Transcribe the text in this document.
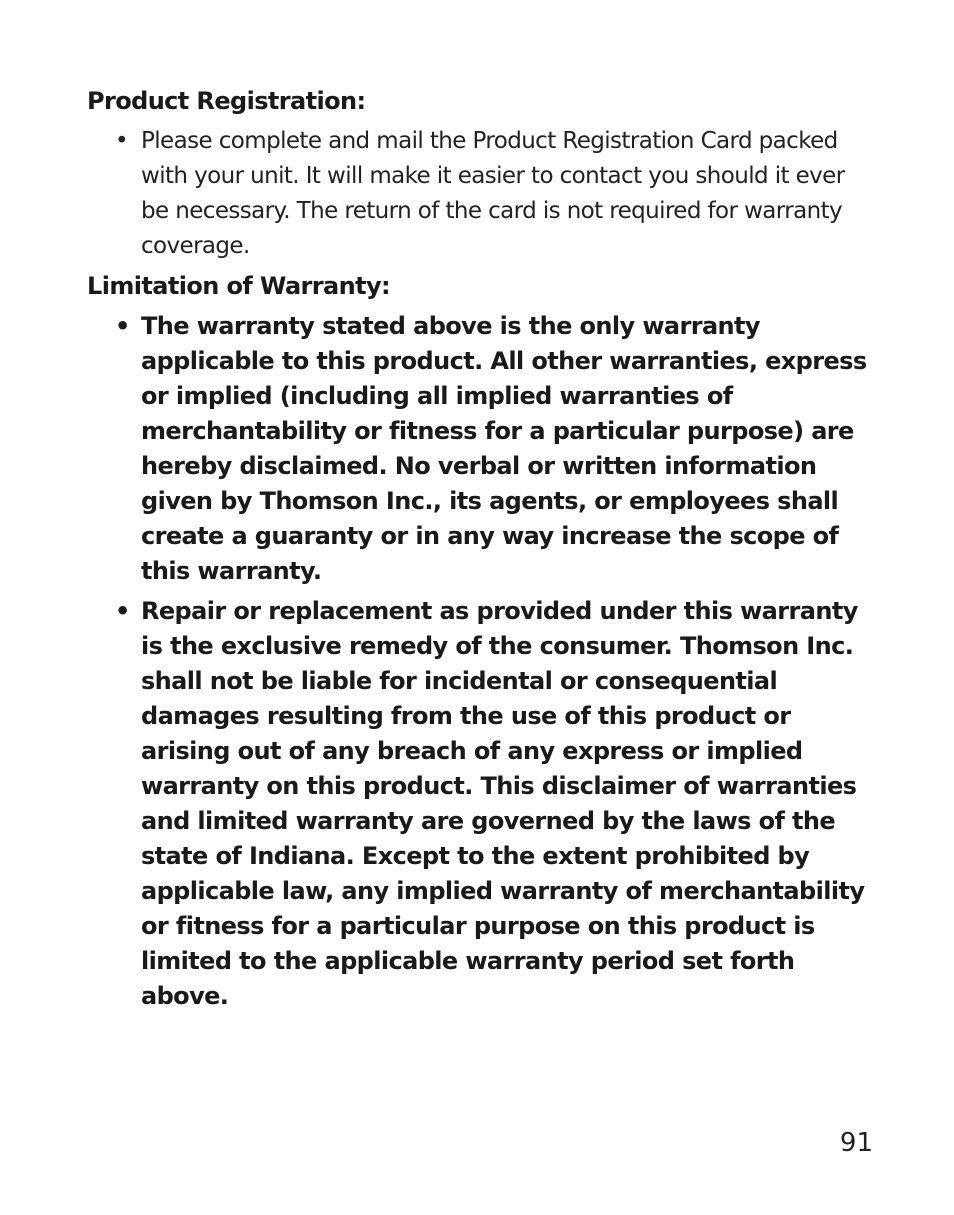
Product Registration:
• Please complete and mail the Product Registration Card packed with your unit. It will make it easier to contact you should it ever be necessary. The return of the card is not required for warranty coverage.
Limitation of Warranty:
• The warranty stated above is the only warranty applicable to this product. All other warranties, express or implied (including all implied warranties of merchantability or fitness for a particular purpose) are hereby disclaimed. No verbal or written information given by Thomson Inc., its agents, or employees shall create a guaranty or in any way increase the scope of this warranty.
• Repair or replacement as provided under this warranty is the exclusive remedy of the consumer. Thomson Inc. shall not be liable for incidental or consequential damages resulting from the use of this product or arising out of any breach of any express or implied warranty on this product. This disclaimer of warranties and limited warranty are governed by the laws of the state of Indiana. Except to the extent prohibited by applicable law, any implied warranty of merchantability or fitness for a particular purpose on this product is limited to the applicable warranty period set forth above.
91
